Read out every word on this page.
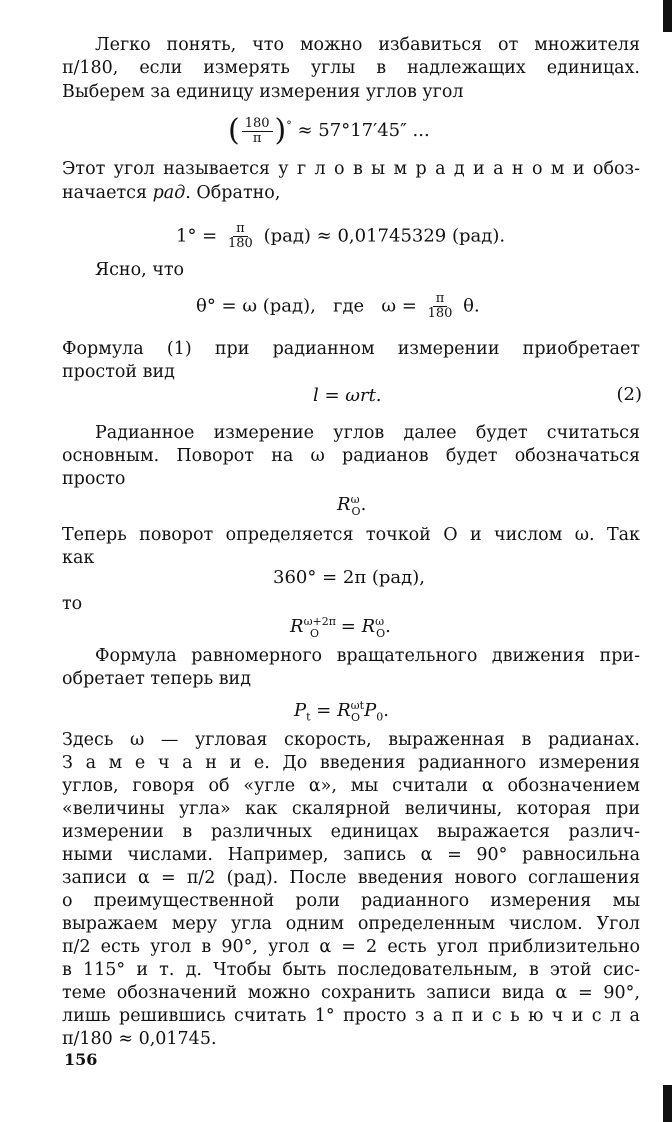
Легко понять, что можно избавиться от множителя
π/180, если измерять углы в надлежащих единицах.
Выберем за единицу измерения углов угол
( $\frac{180}{\pi} )^\circ \approx 57^\circ 17'45''$ ...
Этот угол называется у г л о в ы м р а д и а н о м и обоз-
начается рад. Обратно,
$1^\circ = \frac{\pi}{180} (рад) \approx 0,01745329$ (рад).
Ясно, что
θ° = ω (рад),   где   $\omega = \frac{\pi}{180} \theta$.
Формула (1) при радианном измерении приобретает
простой вид
l = ωrt.	(2)
Радианное измерение углов далее будет считаться
основным. Поворот на ω радианов будет обозначаться
просто
$R^\omega_O$.
Теперь поворот определяется точкой O и числом ω. Так
как
360° = 2π (рад),
то
$R^{\omega+2\pi}_O = R^\omega_O$.
Формула равномерного вращательного движения при-
обретает теперь вид
$P_t = R^{\omega t}_O$ $P_0$.
Здесь ω — угловая скорость, выраженная в радианах.
З а м е ч а н и е. До введения радианного измерения
углов, говоря об «угле α», мы считали α обозначением
«величины угла» как скалярной величины, которая при
измерении в различных единицах выражается различ-
ными числами. Например, запись α = 90° равносильна
записи α = π/2 (рад). После введения нового соглашения
о преимущественной роли радианного измерения мы
выражаем меру угла одним определенным числом. Угол
π/2 есть угол в 90°, угол α = 2 есть угол приблизительно
в 115° и т. д. Чтобы быть последовательным, в этой сис-
теме обозначений можно сохранить записи вида α = 90°,
лишь решившись считать 1° просто з а п и с ь ю ч и с л а
π/180 ≈ 0,01745.
156
